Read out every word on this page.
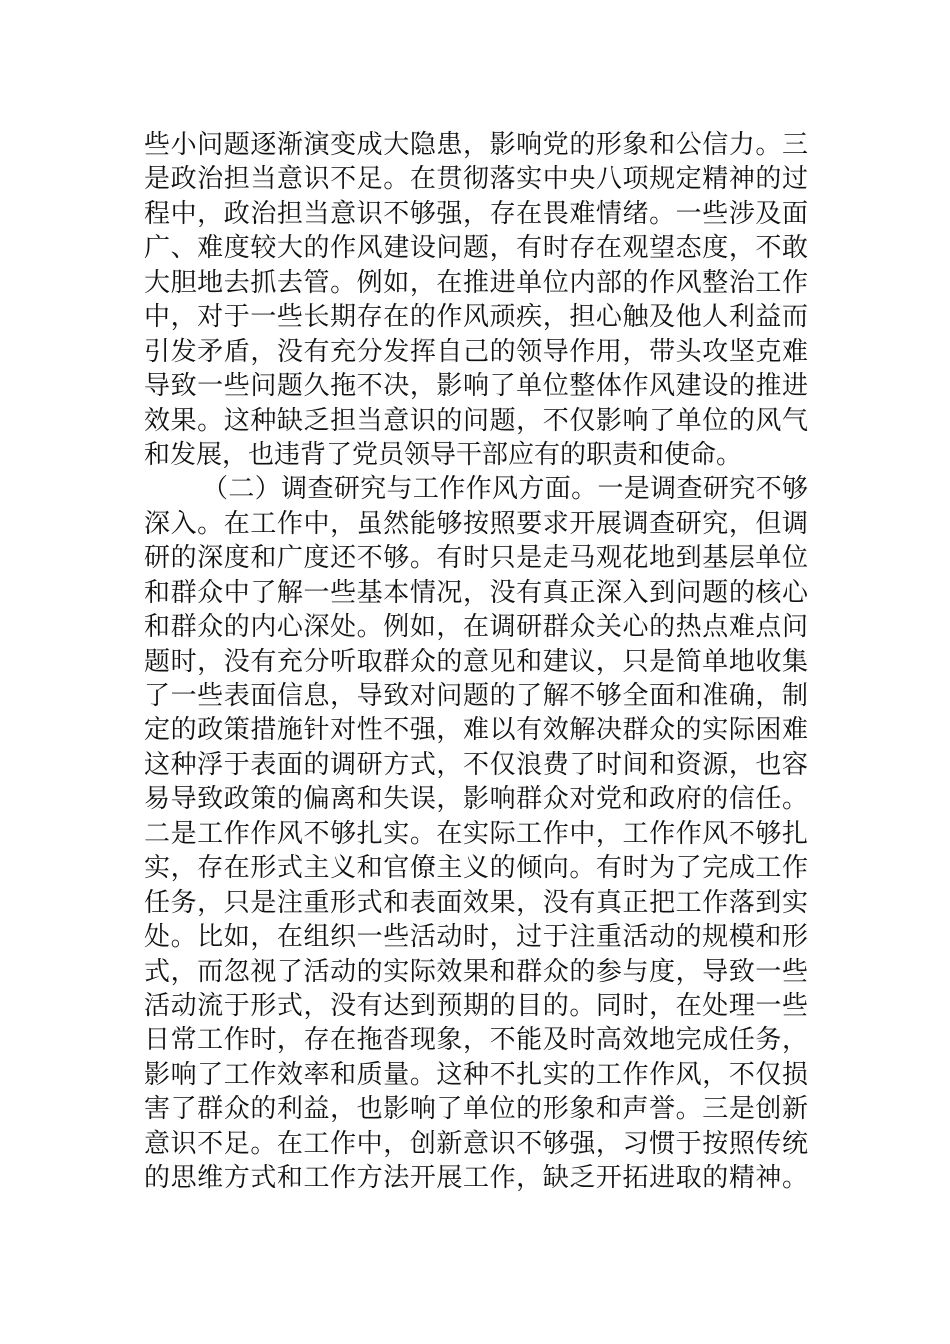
些小问题逐渐演变成大隐患，影响党的形象和公信力。三
是政治担当意识不足。在贯彻落实中央八项规定精神的过
程中，政治担当意识不够强，存在畏难情绪。一些涉及面
广、难度较大的作风建设问题，有时存在观望态度，不敢
大胆地去抓去管。例如，在推进单位内部的作风整治工作
中，对于一些长期存在的作风顽疾，担心触及他人利益而
引发矛盾，没有充分发挥自己的领导作用，带头攻坚克难
导致一些问题久拖不决，影响了单位整体作风建设的推进
效果。这种缺乏担当意识的问题，不仅影响了单位的风气
和发展，也违背了党员领导干部应有的职责和使命。
（二）调查研究与工作作风方面。一是调查研究不够
深入。在工作中，虽然能够按照要求开展调查研究，但调
研的深度和广度还不够。有时只是走马观花地到基层单位
和群众中了解一些基本情况，没有真正深入到问题的核心
和群众的内心深处。例如，在调研群众关心的热点难点问
题时，没有充分听取群众的意见和建议，只是简单地收集
了一些表面信息，导致对问题的了解不够全面和准确，制
定的政策措施针对性不强，难以有效解决群众的实际困难
这种浮于表面的调研方式，不仅浪费了时间和资源，也容
易导致政策的偏离和失误，影响群众对党和政府的信任。
二是工作作风不够扎实。在实际工作中，工作作风不够扎
实，存在形式主义和官僚主义的倾向。有时为了完成工作
任务，只是注重形式和表面效果，没有真正把工作落到实
处。比如，在组织一些活动时，过于注重活动的规模和形
式，而忽视了活动的实际效果和群众的参与度，导致一些
活动流于形式，没有达到预期的目的。同时，在处理一些
日常工作时，存在拖沓现象，不能及时高效地完成任务，
影响了工作效率和质量。这种不扎实的工作作风，不仅损
害了群众的利益，也影响了单位的形象和声誉。三是创新
意识不足。在工作中，创新意识不够强，习惯于按照传统
的思维方式和工作方法开展工作，缺乏开拓进取的精神。
